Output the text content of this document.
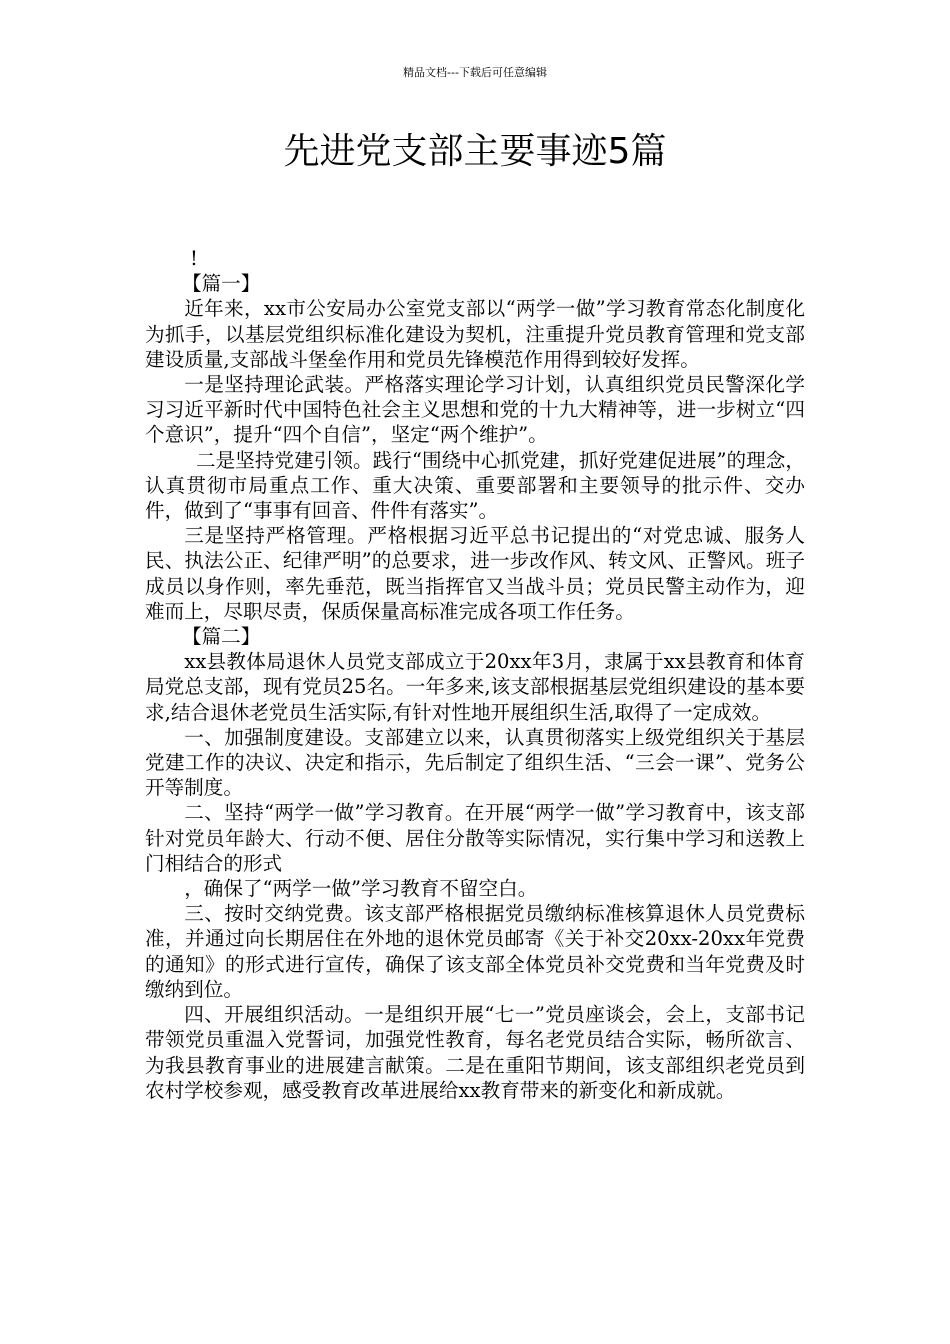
精品文档---下载后可任意编辑
先进党支部主要事迹5篇

!

【篇一】

近年来，xx市公安局办公室党支部以“两学一做”学习教育常态化制度化为抓手，以基层党组织标准化建设为契机，注重提升党员教育管理和党支部建设质量,支部战斗堡垒作用和党员先锋模范作用得到较好发挥。

一是坚持理论武装。严格落实理论学习计划，认真组织党员民警深化学习习近平新时代中国特色社会主义思想和党的十九大精神等，进一步树立“四个意识”，提升“四个自信”，坚定“两个维护”。

二是坚持党建引领。践行“围绕中心抓党建，抓好党建促进展”的理念，认真贯彻市局重点工作、重大决策、重要部署和主要领导的批示件、交办件，做到了“事事有回音、件件有落实”。

三是坚持严格管理。严格根据习近平总书记提出的“对党忠诚、服务人民、执法公正、纪律严明”的总要求，进一步改作风、转文风、正警风。班子成员以身作则，率先垂范，既当指挥官又当战斗员；党员民警主动作为，迎难而上，尽职尽责，保质保量高标准完成各项工作任务。

【篇二】

xx县教体局退休人员党支部成立于20xx年3月，隶属于xx县教育和体育局党总支部，现有党员25名。一年多来,该支部根据基层党组织建设的基本要求,结合退休老党员生活实际,有针对性地开展组织生活,取得了一定成效。

一、加强制度建设。支部建立以来，认真贯彻落实上级党组织关于基层党建工作的决议、决定和指示，先后制定了组织生活、“三会一课”、党务公开等制度。

二、坚持“两学一做”学习教育。在开展“两学一做”学习教育中，该支部针对党员年龄大、行动不便、居住分散等实际情况，实行集中学习和送教上门相结合的形式

，确保了“两学一做”学习教育不留空白。

三、按时交纳党费。该支部严格根据党员缴纳标准核算退休人员党费标准，并通过向长期居住在外地的退休党员邮寄《关于补交20xx-20xx年党费的通知》的形式进行宣传，确保了该支部全体党员补交党费和当年党费及时缴纳到位。

四、开展组织活动。一是组织开展“七一”党员座谈会，会上，支部书记带领党员重温入党誓词，加强党性教育，每名老党员结合实际，畅所欲言、为我县教育事业的进展建言献策。二是在重阳节期间，该支部组织老党员到农村学校参观，感受教育改革进展给xx教育带来的新变化和新成就。
